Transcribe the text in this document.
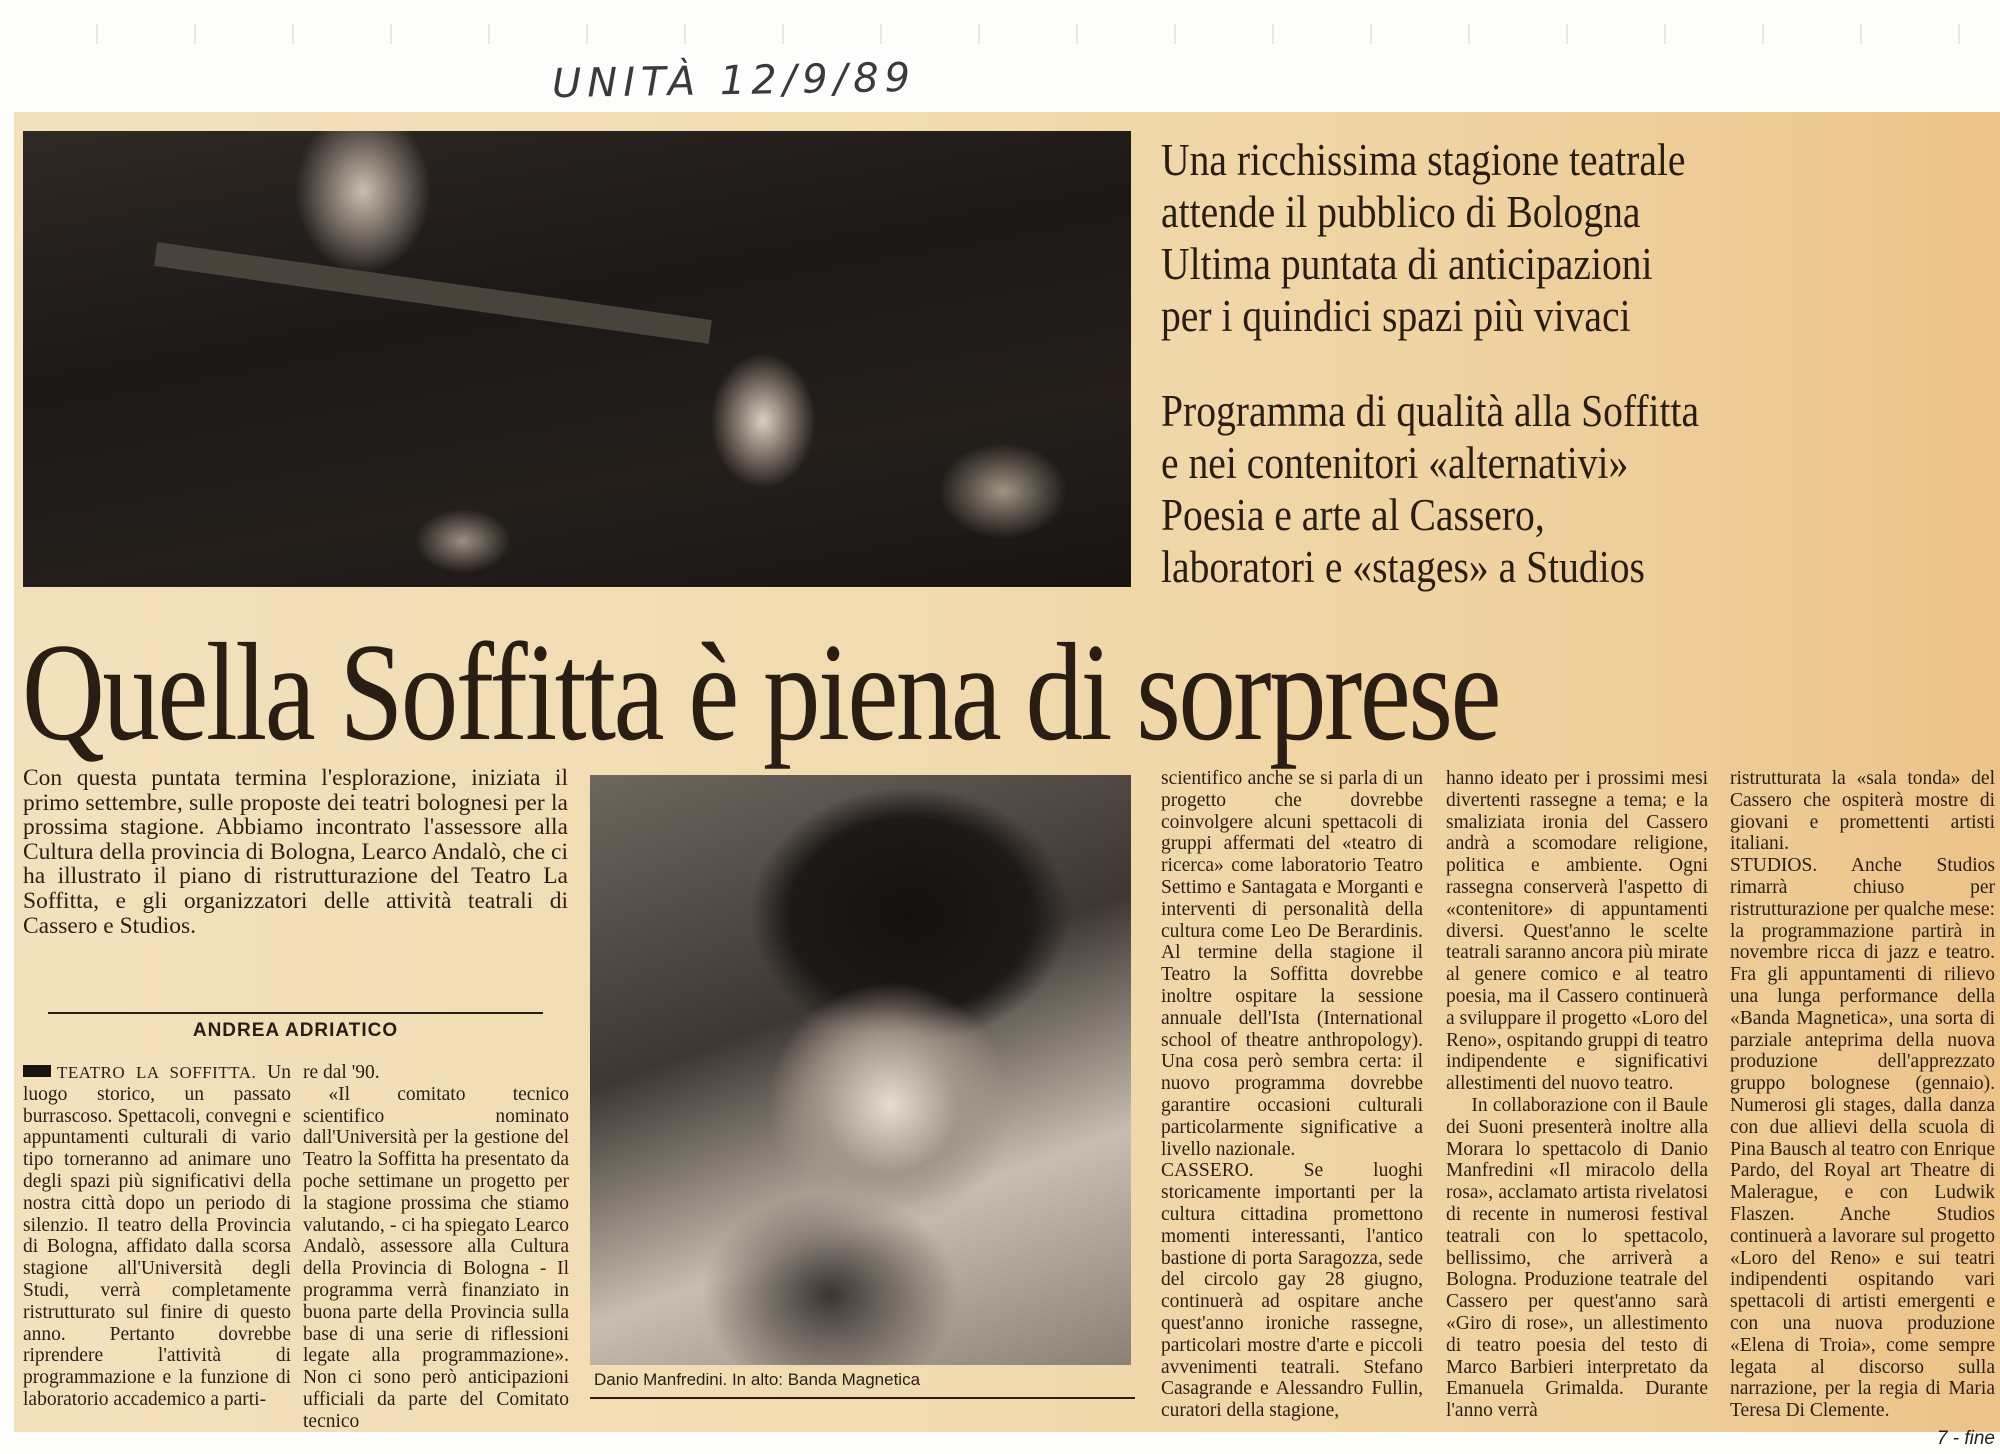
UNITÀ 12/9/89
Una ricchissima stagione teatrale
attende il pubblico di Bologna
Ultima puntata di anticipazioni
per i quindici spazi più vivaci
Programma di qualità alla Soffitta
e nei contenitori «alternativi»
Poesia e arte al Cassero,
laboratori e «stages» a Studios
Quella Soffitta è piena di sorprese
Con questa puntata termina l'esplorazione, iniziata il primo settembre, sulle proposte dei teatri bolognesi per la prossima stagione. Abbiamo incontrato l'assessore alla Cultura della provincia di Bologna, Learco Andalò, che ci ha illustrato il piano di ristrutturazione del Teatro La Soffitta, e gli organizzatori delle attività teatrali di Cassero e Studios.
ANDREA ADRIATICO

TEATRO LA SOFFITTA. Un luogo storico, un passato burrascoso. Spettacoli, convegni e appuntamenti culturali di vario tipo torneranno ad animare uno degli spazi più significativi della nostra città dopo un periodo di silenzio. Il teatro della Provincia di Bologna, affidato dalla scorsa stagione all'Università degli Studi, verrà completamente ristrutturato sul finire di questo anno. Pertanto dovrebbe riprendere l'attività di programmazione e la funzione di laboratorio accademico a parti-

re dal '90.

«Il comitato tecnico scientifico nominato dall'Università per la gestione del Teatro la Soffitta ha presentato da poche settimane un progetto per la stagione prossima che stiamo valutando, - ci ha spiegato Learco Andalò, assessore alla Cultura della Provincia di Bologna - Il programma verrà finanziato in buona parte della Provincia sulla base di una serie di riflessioni legate alla programmazione». Non ci sono però anticipazioni ufficiali da parte del Comitato tecnico

Danio Manfredini. In alto: Banda Magnetica

scientifico anche se si parla di un progetto che dovrebbe coinvolgere alcuni spettacoli di gruppi affermati del «teatro di ricerca» come laboratorio Teatro Settimo e Santagata e Morganti e interventi di personalità della cultura come Leo De Berardinis. Al termine della stagione il Teatro la Soffitta dovrebbe inoltre ospitare la sessione annuale dell'Ista (International school of theatre anthropology). Una cosa però sembra certa: il nuovo programma dovrebbe garantire occasioni culturali particolarmente significative a livello nazionale.

CASSERO. Se luoghi storicamente importanti per la cultura cittadina promettono momenti interessanti, l'antico bastione di porta Saragozza, sede del circolo gay 28 giugno, continuerà ad ospitare anche quest'anno ironiche rassegne, particolari mostre d'arte e piccoli avvenimenti teatrali. Stefano Casagrande e Alessandro Fullin, curatori della stagione,

hanno ideato per i prossimi mesi divertenti rassegne a tema; e la smaliziata ironia del Cassero andrà a scomodare religione, politica e ambiente. Ogni rassegna conserverà l'aspetto di «contenitore» di appuntamenti diversi. Quest'anno le scelte teatrali saranno ancora più mirate al genere comico e al teatro poesia, ma il Cassero continuerà a sviluppare il progetto «Loro del Reno», ospitando gruppi di teatro indipendente e significativi allestimenti del nuovo teatro.

In collaborazione con il Baule dei Suoni presenterà inoltre alla Morara lo spettacolo di Danio Manfredini «Il miracolo della rosa», acclamato artista rivelatosi di recente in numerosi festival teatrali con lo spettacolo, bellissimo, che arriverà a Bologna. Produzione teatrale del Cassero per quest'anno sarà «Giro di rose», un allestimento di teatro poesia del testo di Marco Barbieri interpretato da Emanuela Grimalda. Durante l'anno verrà

ristrutturata la «sala tonda» del Cassero che ospiterà mostre di giovani e promettenti artisti italiani.

STUDIOS. Anche Studios rimarrà chiuso per ristrutturazione per qualche mese: la programmazione partirà in novembre ricca di jazz e teatro. Fra gli appuntamenti di rilievo una lunga performance della «Banda Magnetica», una sorta di parziale anteprima della nuova produzione dell'apprezzato gruppo bolognese (gennaio). Numerosi gli stages, dalla danza con due allievi della scuola di Pina Bausch al teatro con Enrique Pardo, del Royal art Theatre di Malerague, e con Ludwik Flaszen. Anche Studios continuerà a lavorare sul progetto «Loro del Reno» e sui teatri indipendenti ospitando vari spettacoli di artisti emergenti e con una nuova produzione «Elena di Troia», come sempre legata al discorso sulla narrazione, per la regia di Maria Teresa Di Clemente.

7 - fine
